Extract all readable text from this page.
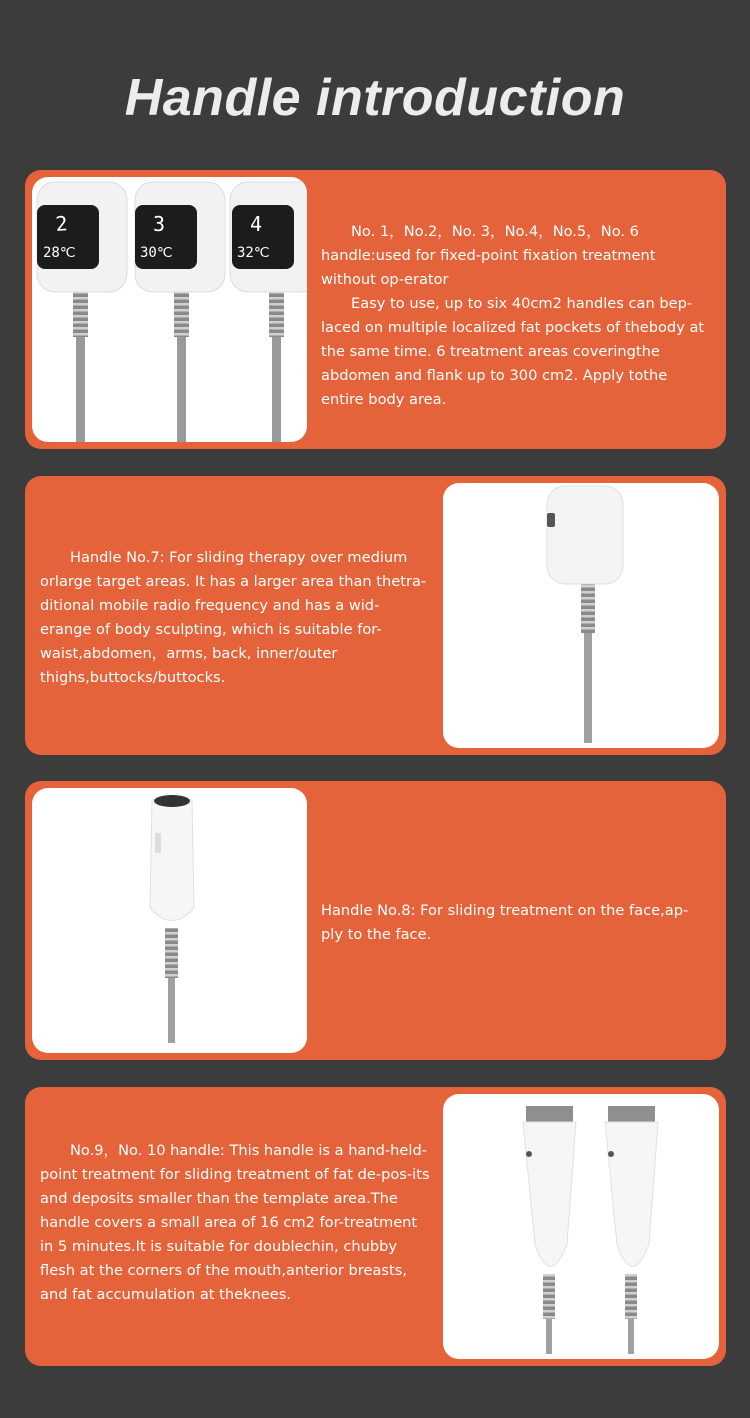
Handle introduction
2
28℃
3
30℃
4
32℃

No. 1，No.2，No. 3，No.4，No.5，No. 6 handle:used for fixed-point fixation treatment without op-erator

Easy to use, up to six 40cm2 handles can bep-laced on multiple localized fat pockets of thebody at the same time. 6 treatment areas coveringthe abdomen and flank up to 300 cm2. Apply tothe entire body area.

Handle No.7: For sliding therapy over medium orlarge target areas. It has a larger area than thetra-ditional mobile radio frequency and has a wid-erange of body sculpting, which is suitable for-waist,abdomen，arms, back, inner/outer thighs,buttocks/buttocks.

Handle No.8: For sliding treatment on the face,ap-ply to the face.

No.9，No. 10 handle: This handle is a hand-held-point treatment for sliding treatment of fat de-pos-its and deposits smaller than the template area.The handle covers a small area of 16 cm2 for-treatment in 5 minutes.It is suitable for doublechin, chubby flesh at the corners of the mouth,anterior breasts, and fat accumulation at theknees.
